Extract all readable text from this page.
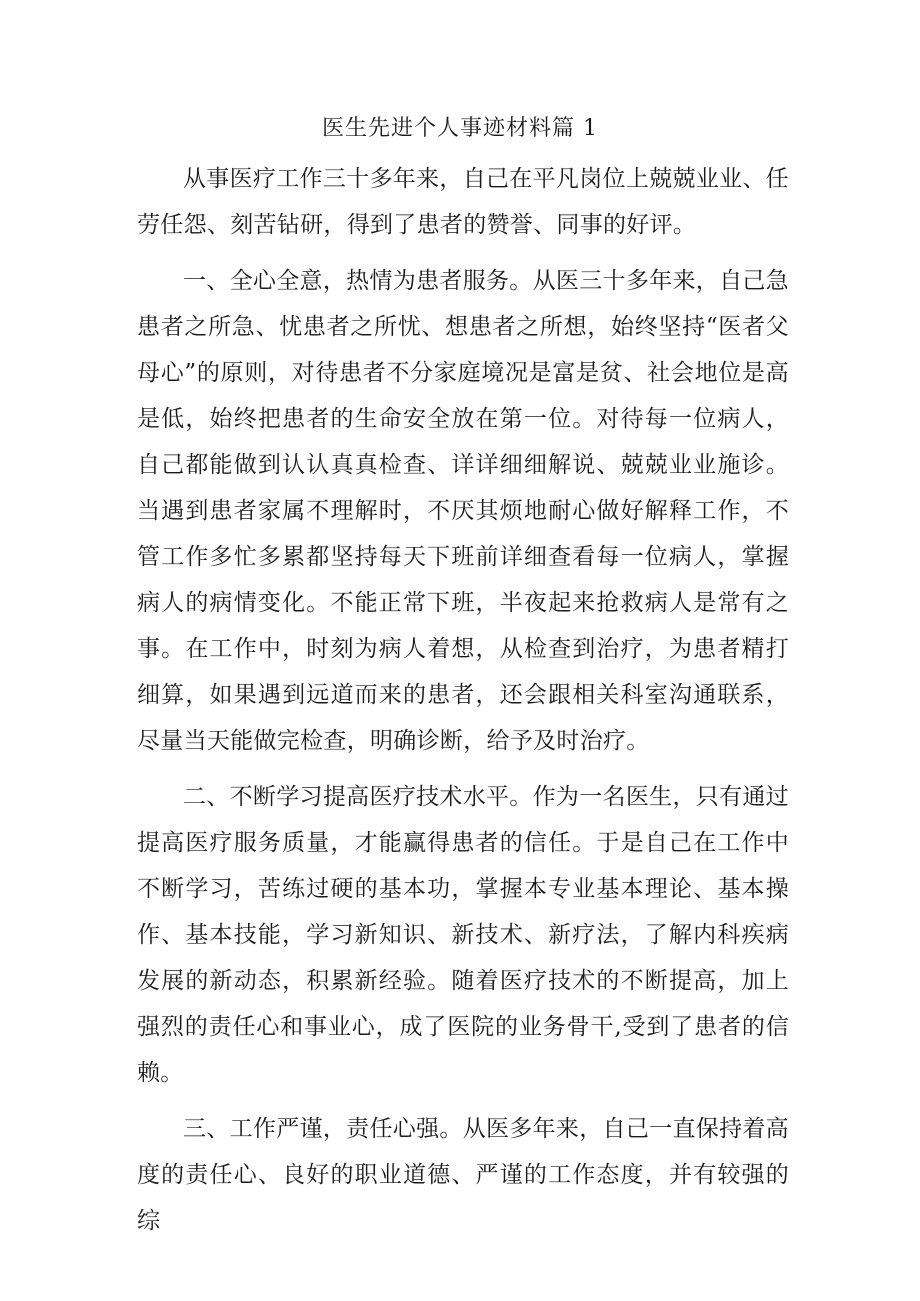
医生先进个人事迹材料篇 1

从事医疗工作三十多年来，自己在平凡岗位上兢兢业业、任劳任怨、刻苦钻研，得到了患者的赞誉、同事的好评。

一、全心全意，热情为患者服务。从医三十多年来，自己急患者之所急、忧患者之所忧、想患者之所想，始终坚持“医者父母心”的原则，对待患者不分家庭境况是富是贫、社会地位是高是低，始终把患者的生命安全放在第一位。对待每一位病人，自己都能做到认认真真检查、详详细细解说、兢兢业业施诊。当遇到患者家属不理解时，不厌其烦地耐心做好解释工作，不管工作多忙多累都坚持每天下班前详细查看每一位病人，掌握病人的病情变化。不能正常下班，半夜起来抢救病人是常有之事。在工作中，时刻为病人着想，从检查到治疗，为患者精打细算，如果遇到远道而来的患者，还会跟相关科室沟通联系，尽量当天能做完检查，明确诊断，给予及时治疗。

二、不断学习提高医疗技术水平。作为一名医生，只有通过提高医疗服务质量，才能赢得患者的信任。于是自己在工作中不断学习，苦练过硬的基本功，掌握本专业基本理论、基本操作、基本技能，学习新知识、新技术、新疗法，了解内科疾病发展的新动态，积累新经验。随着医疗技术的不断提高，加上强烈的责任心和事业心，成了医院的业务骨干,受到了患者的信赖。

三、工作严谨，责任心强。从医多年来，自己一直保持着高度的责任心、良好的职业道德、严谨的工作态度，并有较强的综
